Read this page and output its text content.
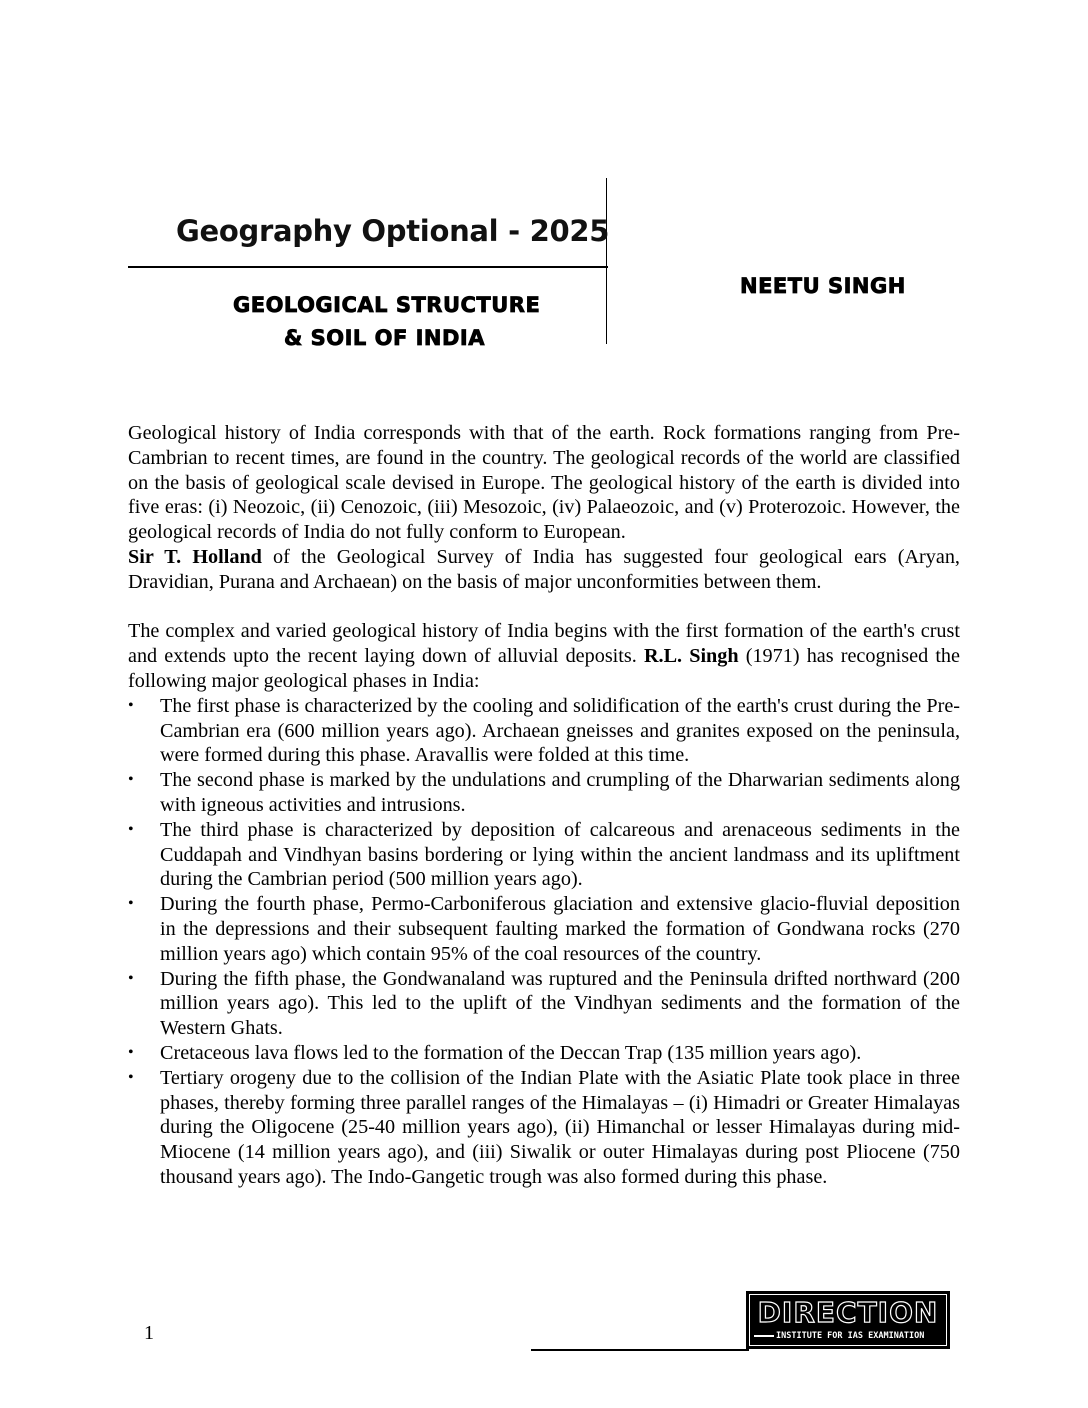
Geography Optional - 2025
GEOLOGICAL STRUCTURE
& SOIL OF INDIA
NEETU SINGH

Geological history of India corresponds with that of the earth. Rock formations ranging from Pre-Cambrian to recent times, are found in the country. The geological records of the world are classified on the basis of geological scale devised in Europe. The geological history of the earth is divided into five eras: (i) Neozoic, (ii) Cenozoic, (iii) Mesozoic, (iv) Palaeozoic, and (v) Proterozoic. However, the geological records of India do not fully conform to European.

Sir T. Holland of the Geological Survey of India has suggested four geological ears (Aryan, Dravidian, Purana and Archaean) on the basis of major unconformities between them.

The complex and varied geological history of India begins with the first formation of the earth's crust and extends upto the recent laying down of alluvial deposits. R.L. Singh (1971) has recognised the following major geological phases in India:

•	The first phase is characterized by the cooling and solidification of the earth's crust during the Pre-Cambrian era (600 million years ago). Archaean gneisses and granites exposed on the peninsula, were formed during this phase. Aravallis were folded at this time.
•	The second phase is marked by the undulations and crumpling of the Dharwarian sediments along with igneous activities and intrusions.
•	The third phase is characterized by deposition of calcareous and arenaceous sediments in the Cuddapah and Vindhyan basins bordering or lying within the ancient landmass and its upliftment during the Cambrian period (500 million years ago).
•	During the fourth phase, Permo-Carboniferous glaciation and extensive glacio-fluvial deposition in the depressions and their subsequent faulting marked the formation of Gondwana rocks (270 million years ago) which contain 95% of the coal resources of the country.
•	During the fifth phase, the Gondwanaland was ruptured and the Peninsula drifted northward (200 million years ago). This led to the uplift of the Vindhyan sediments and the formation of the Western Ghats.
•	Cretaceous lava flows led to the formation of the Deccan Trap (135 million years ago).
•	Tertiary orogeny due to the collision of the Indian Plate with the Asiatic Plate took place in three phases, thereby forming three parallel ranges of the Himalayas – (i) Himadri or Greater Himalayas during the Oligocene (25-40 million years ago), (ii) Himanchal or lesser Himalayas during mid-Miocene (14 million years ago), and (iii) Siwalik or outer Himalayas during post Pliocene (750 thousand years ago). The Indo-Gangetic trough was also formed during this phase.
1
DIRECTION
INSTITUTE FOR IAS EXAMINATION
